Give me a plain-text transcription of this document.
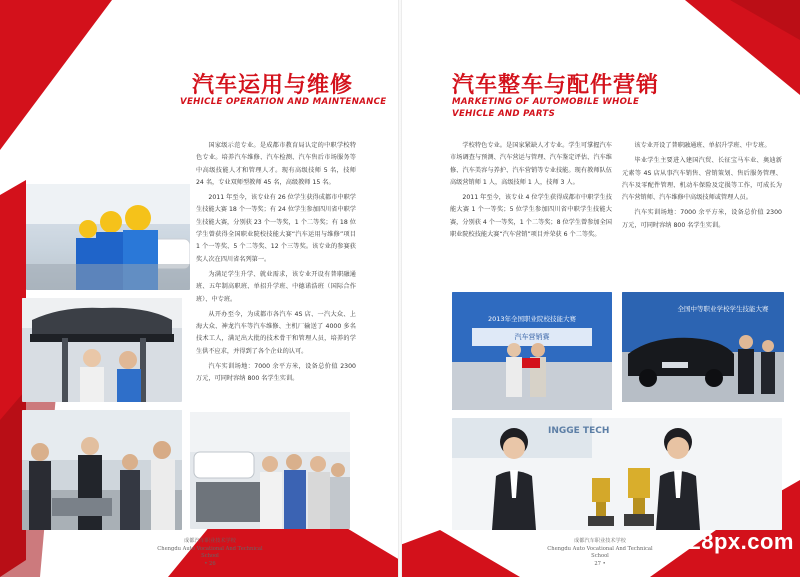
汽车运用与维修
VEHICLE OPERATION AND MAINTENANCE

国家级示范专业。是成都市教育局认定的中职学校特色专业。培养汽车维修、汽车检测、汽车售后市场服务等中高级技能人才和管理人才。现有高级技师 5 名，技师 24 名，专业双师型教师 45 名，高级教师 15 名。

2011 年至今，该专业有 26 位学生获得成都市中职学生技能大赛 18 个一等奖；有 24 位学生参加四川省中职学生技能大赛，分别获 23 个一等奖，1 个二等奖；有 18 位学生曾获得全国职业院校技能大赛“汽车运用与维修”项目 1 个一等奖、5 个二等奖、12 个三等奖。该专业的参赛获奖人次在四川省名列第一。

为满足学生升学、就业需求，该专业开设有普职融通班、五年制高职班、单招升学班、中德诺浩班（国际合作班）、中专班。

从开办至今，为成都市各汽车 4S 店、一汽大众、上海大众、神龙汽车等汽车维修、主机厂输送了 4000 多名技术工人，满足出大批的技术骨干和管理人员，培养的学生供不应求，并得到了各个企业的认可。

汽车实训场地：7000 余平方米，设备总价值 2300 万元，可同时容纳 800 名学生实训。

成都汽车职业技术学校
Chengdu Auto Vocational And Technical School
• 26
汽车整车与配件营销
MARKETING OF AUTOMOBILE WHOLE
VEHICLE AND PARTS

学校特色专业。是国家紧缺人才专业。学生可掌握汽车市场调查与预测、汽车营运与管理、汽车鉴定评估、汽车维修、汽车美容与养护、汽车营销等专业技能。现有教师队伍高级营销师 1 人，高级技师 1 人，技师 3 人。

2011 年至今，该专业 4 位学生获得成都市中职学生技能大赛 1 个一等奖；5 位学生参加四川省中职学生技能大赛，分别获 4 个一等奖，1 个二等奖；8 位学生曾参加全国职业院校技能大赛“汽车营销”项目并荣获 6 个二等奖。

该专业开设了普职融通班、单招升学班、中专班。

毕业学生主要进入建国汽贸、长征宝马车业、奥迪新元素等 4S 店从事汽车销售、营销策划、售后服务管理、汽车及零配件管理、机动车保险及定损等工作，可成长为汽车营销师、汽车维修中高级技师或管理人员。

汽车实训场地：7000 余平方米，设备总价值 2300 万元，可同时容纳 800 名学生实训。

2013年全国职业院校技能大赛
汽车营销赛
全国中等职业学校学生技能大赛
INGGE TECH
成都汽车职业技术学校
Chengdu Auto Vocational And Technical School
27 •
028px.com
